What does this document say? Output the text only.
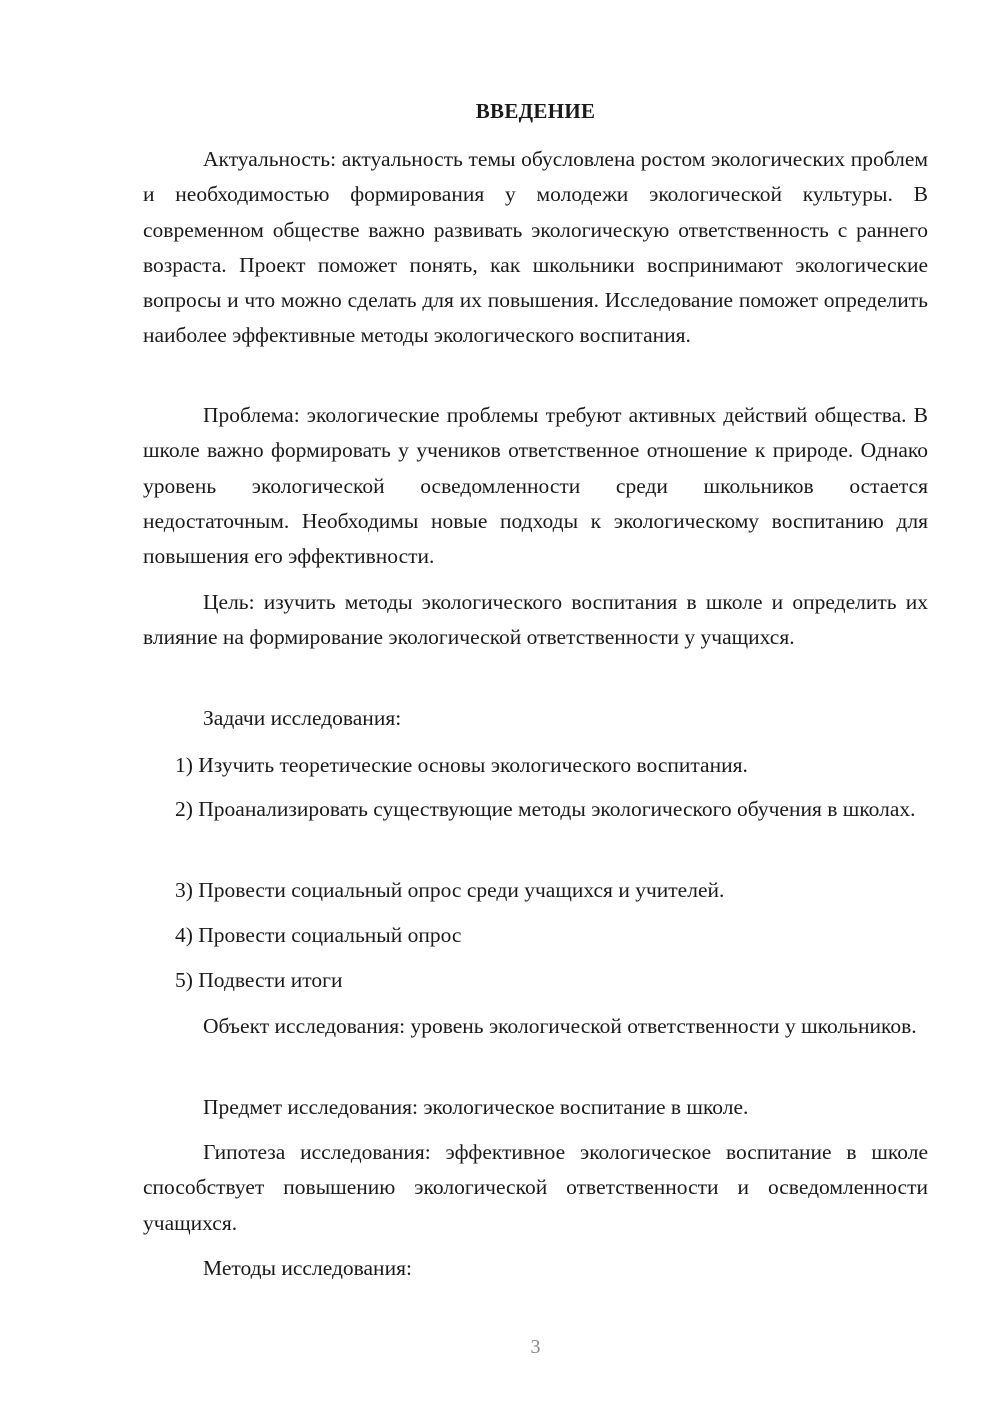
ВВЕДЕНИЕ

Актуальность: актуальность темы обусловлена ростом экологических проблем и необходимостью формирования у молодежи экологической культуры. В современном обществе важно развивать экологическую ответственность с раннего возраста. Проект поможет понять, как школьники воспринимают экологические вопросы и что можно сделать для их повышения. Исследование поможет определить наиболее эффективные методы экологического воспитания.

Проблема: экологические проблемы требуют активных действий общества. В школе важно формировать у учеников ответственное отношение к природе. Однако уровень экологической осведомленности среди школьников остается недостаточным. Необходимы новые подходы к экологическому воспитанию для повышения его эффективности.

Цель: изучить методы экологического воспитания в школе и определить их влияние на формирование экологической ответственности у учащихся.

Задачи исследования:

1) Изучить теоретические основы экологического воспитания.

2) Проанализировать существующие методы экологического обучения в школах.

3) Провести социальный опрос среди учащихся и учителей.

4) Провести социальный опрос

5) Подвести итоги

Объект исследования: уровень экологической ответственности у школьников.

Предмет исследования: экологическое воспитание в школе.

Гипотеза исследования: эффективное экологическое воспитание в школе способствует повышению экологической ответственности и осведомленности учащихся.

Методы исследования:

3
